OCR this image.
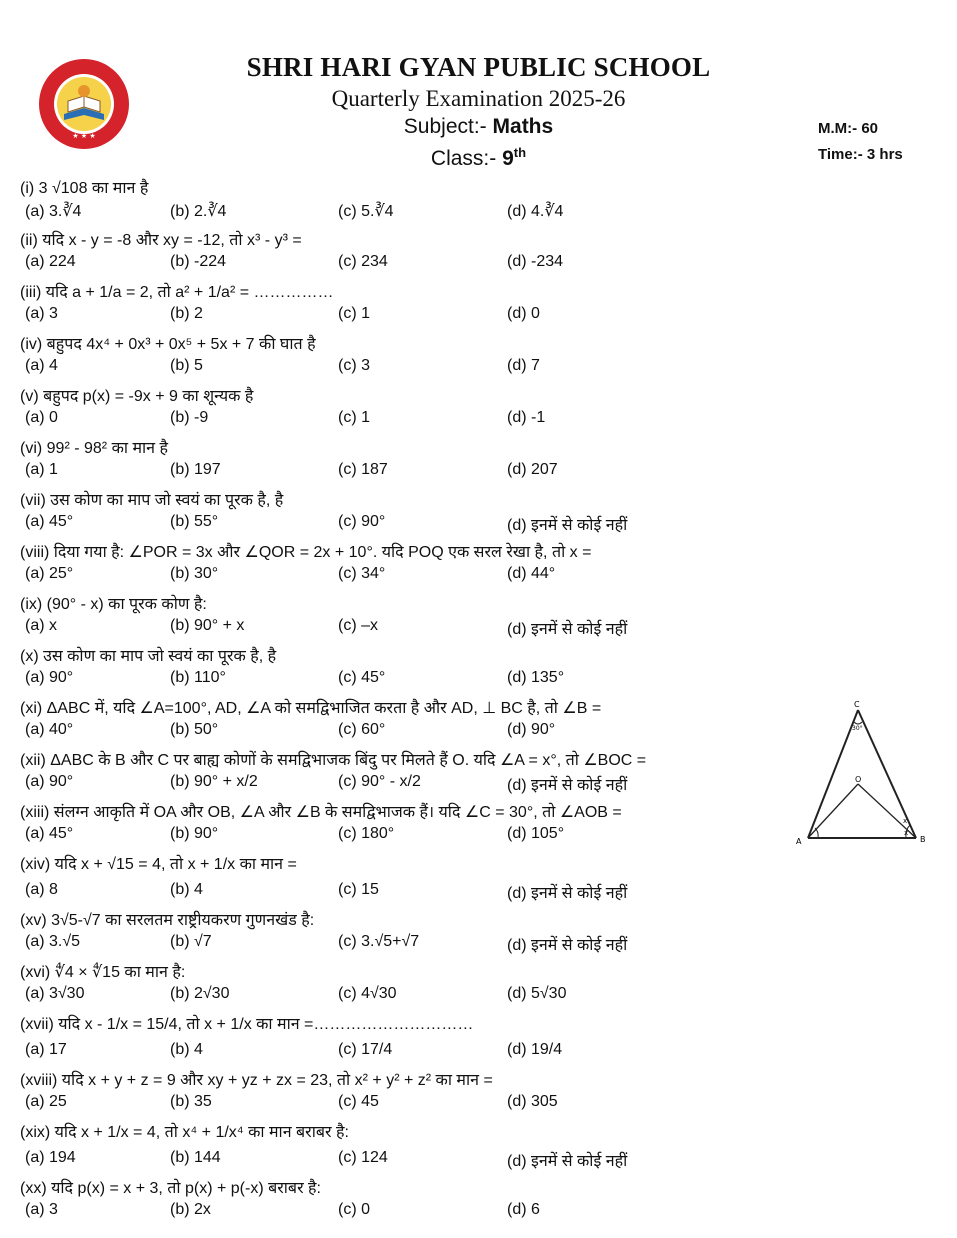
★ ★ ★
SHRI HARI GYAN PUBLIC SCHOOL
Quarterly Examination 2025-26
Subject:- Maths
Class:- 9th
M.M:- 60
Time:- 3 hrs
(i) 3 √108 का मान है
(a) 3.∛4	(b) 2.∛4	(c) 5.∛4	(d) 4.∛4
(ii) यदि x - y = -8 और xy = -12, तो x³ - y³ =
(a) 224	(b) -224	(c) 234	(d) -234
(iii) यदि a + 1/a = 2, तो a² + 1/a² = ……………
(a) 3	(b) 2	(c) 1	(d) 0
(iv) बहुपद 4x⁴ + 0x³ + 0x⁵ + 5x + 7 की घात है
(a) 4	(b) 5	(c) 3	(d) 7
(v) बहुपद p(x) = -9x + 9 का शून्यक है
(a) 0	(b) -9	(c) 1	(d) -1
(vi) 99² - 98² का मान है
(a) 1	(b) 197	(c) 187	(d) 207
(vii) उस कोण का माप जो स्वयं का पूरक है, है
(a) 45°	(b) 55°	(c) 90°	(d) इनमें से कोई नहीं
(viii) दिया गया है: ∠POR = 3x और ∠QOR = 2x + 10°. यदि POQ एक सरल रेखा है, तो x =
(a) 25°	(b) 30°	(c) 34°	(d) 44°
(ix) (90° - x) का पूरक कोण है:
(a) x	(b) 90° + x	(c) –x	(d) इनमें से कोई नहीं
(x) उस कोण का माप जो स्वयं का पूरक है, है
(a) 90°	(b) 110°	(c) 45°	(d) 135°
(xi) ΔABC में, यदि ∠A=100°, AD, ∠A को समद्विभाजित करता है और AD, ⊥ BC है, तो ∠B =
(a) 40°	(b) 50°	(c) 60°	(d) 90°
(xii) ΔABC के B और C पर बाह्य कोणों के समद्विभाजक बिंदु पर मिलते हैं O. यदि ∠A = x°, तो ∠BOC =
(a) 90°	(b) 90° + x/2	(c) 90° - x/2	(d) इनमें से कोई नहीं
(xiii) संलग्न आकृति में OA और OB, ∠A और ∠B के समद्विभाजक हैं। यदि ∠C = 30°, तो ∠AOB =
(a) 45°	(b) 90°	(c) 180°	(d) 105°
(xiv) यदि x + √15 = 4, तो x + 1/x का मान =
(a) 8	(b) 4	(c) 15	(d) इनमें से कोई नहीं
(xv) 3√5-√7 का सरलतम राष्ट्रीयकरण गुणनखंड है:
(a) 3.√5	(b) √7	(c) 3.√5+√7	(d) इनमें से कोई नहीं
(xvi) ∜4 × ∜15 का मान है:
(a) 3√30	(b) 2√30	(c) 4√30	(d) 5√30
(xvii) यदि x - 1/x = 15/4, तो x + 1/x का मान =…………………………
(a) 17	(b) 4	(c) 17/4	(d) 19/4
(xviii) यदि x + y + z = 9 और xy + yz + zx = 23, तो x² + y² + z² का मान =
(a) 25	(b) 35	(c) 45	(d) 305
(xix) यदि x + 1/x = 4, तो x⁴ + 1/x⁴ का मान बराबर है:
(a) 194	(b) 144	(c) 124	(d) इनमें से कोई नहीं
(xx) यदि p(x) = x + 3, तो p(x) + p(-x) बराबर है:
(a) 3	(b) 2x	(c) 0	(d) 6
C
30°
O
A	B
x
x
